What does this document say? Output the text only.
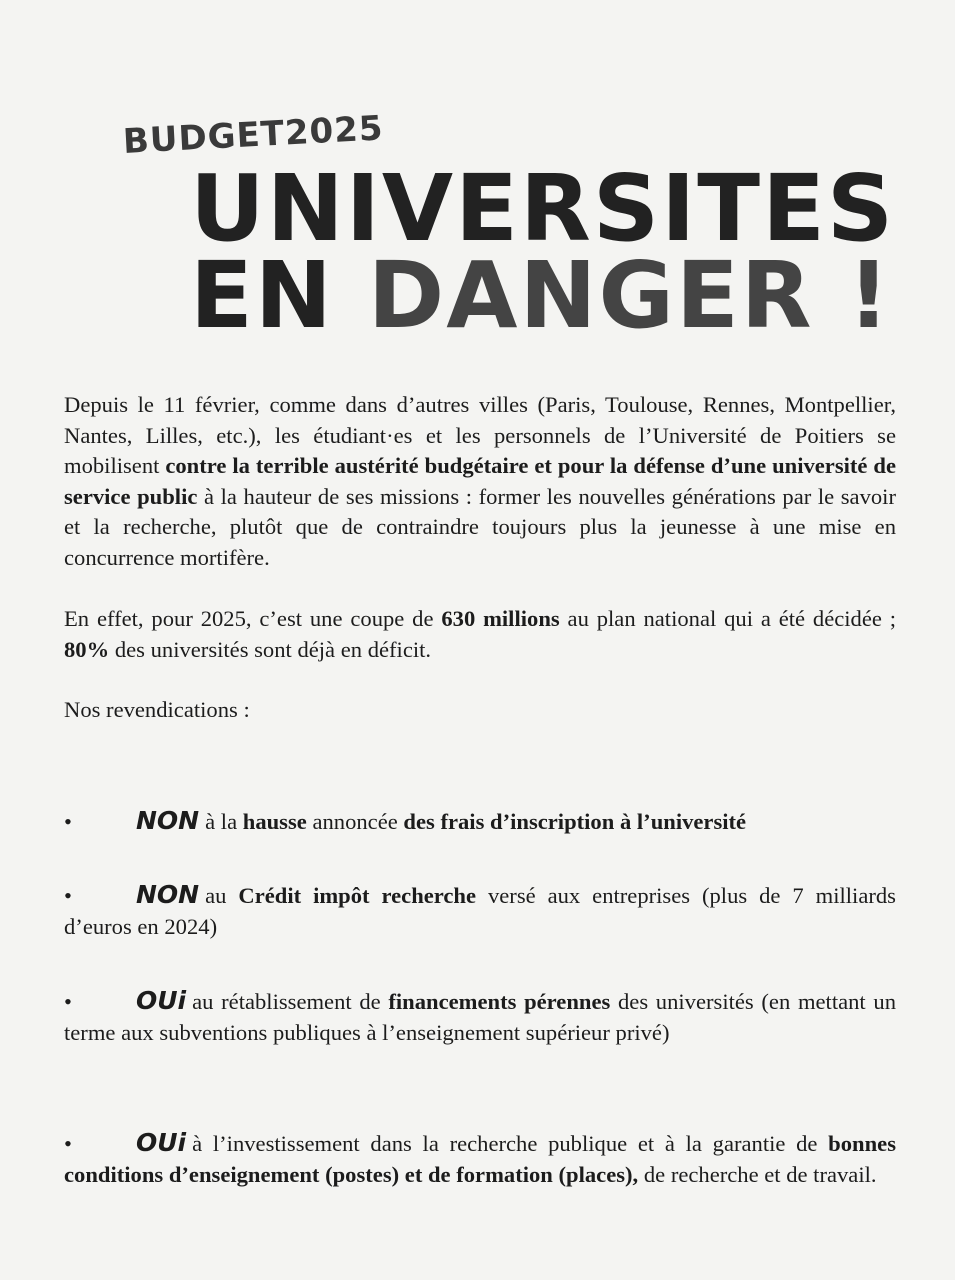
BUDGET2025
UNIVERSITES
EN DANGER !

Depuis le 11 février, comme dans d’autres villes (Paris, Toulouse, Rennes, Montpellier, Nantes, Lilles, etc.), les étudiant·es et les personnels de l’Université de Poitiers se mobilisent contre la terrible austérité budgétaire et pour la défense d’une université de service public à la hauteur de ses missions : former les nouvelles générations par le savoir et la recherche, plutôt que de contraindre toujours plus la jeunesse à une mise en concurrence mortifère.

En effet, pour 2025, c’est une coupe de 630 millions au plan national qui a été décidée ; 80% des universités sont déjà en déficit.

Nos revendications :

•	NON à la hausse annoncée des frais d’inscription à l’université
•	NON au Crédit impôt recherche versé aux entreprises (plus de 7 milliards d’euros en 2024)
•	OUi au rétablissement de financements pérennes des universités (en mettant un terme aux subventions publiques à l’enseignement supérieur privé)
•	OUi à l’investissement dans la recherche publique et à la garantie de bonnes conditions d’enseignement (postes) et de formation (places), de recherche et de travail.
